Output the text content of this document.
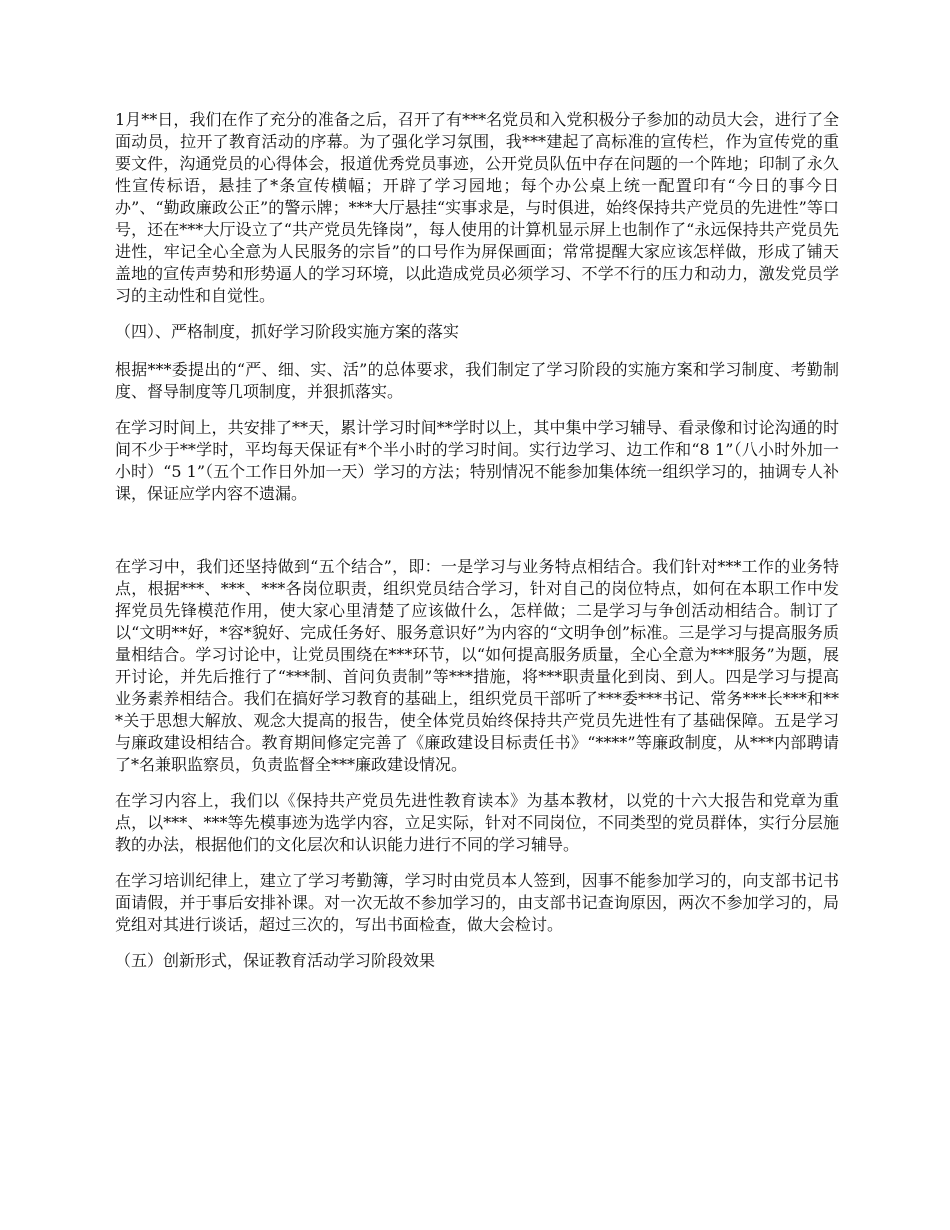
1月**日，我们在作了充分的准备之后，召开了有***名党员和入党积极分子参加的动员大会，进行了全面动员，拉开了教育活动的序幕。为了强化学习氛围，我***建起了高标准的宣传栏，作为宣传党的重要文件，沟通党员的心得体会，报道优秀党员事迹，公开党员队伍中存在问题的一个阵地；印制了永久性宣传标语，悬挂了*条宣传横幅；开辟了学习园地；每个办公桌上统一配置印有“今日的事今日办”、“勤政廉政公正”的警示牌；***大厅悬挂“实事求是，与时俱进，始终保持共产党员的先进性”等口号，还在***大厅设立了“共产党员先锋岗”，每人使用的计算机显示屏上也制作了“永远保持共产党员先进性，牢记全心全意为人民服务的宗旨”的口号作为屏保画面；常常提醒大家应该怎样做，形成了铺天盖地的宣传声势和形势逼人的学习环境，以此造成党员必须学习、不学不行的压力和动力，激发党员学习的主动性和自觉性。

（四）、严格制度，抓好学习阶段实施方案的落实

根据***委提出的“严、细、实、活”的总体要求，我们制定了学习阶段的实施方案和学习制度、考勤制度、督导制度等几项制度，并狠抓落实。

在学习时间上，共安排了**天，累计学习时间**学时以上，其中集中学习辅导、看录像和讨论沟通的时间不少于**学时，平均每天保证有*个半小时的学习时间。实行边学习、边工作和“8 1”（八小时外加一小时）“5 1”（五个工作日外加一天）学习的方法；特别情况不能参加集体统一组织学习的，抽调专人补课，保证应学内容不遗漏。

在学习中，我们还坚持做到“五个结合”，即：一是学习与业务特点相结合。我们针对***工作的业务特点，根据***、***、***各岗位职责，组织党员结合学习，针对自己的岗位特点，如何在本职工作中发挥党员先锋模范作用，使大家心里清楚了应该做什么，怎样做；二是学习与争创活动相结合。制订了以“文明**好，*容*貌好、完成任务好、服务意识好”为内容的“文明争创”标准。三是学习与提高服务质量相结合。学习讨论中，让党员围绕在***环节，以“如何提高服务质量，全心全意为***服务”为题，展开讨论，并先后推行了“***制、首问负责制”等***措施，将***职责量化到岗、到人。四是学习与提高业务素养相结合。我们在搞好学习教育的基础上，组织党员干部听了***委***书记、常务***长***和***关于思想大解放、观念大提高的报告，使全体党员始终保持共产党员先进性有了基础保障。五是学习与廉政建设相结合。教育期间修定完善了《廉政建设目标责任书》“****”等廉政制度，从***内部聘请了*名兼职监察员，负责监督全***廉政建设情况。

在学习内容上，我们以《保持共产党员先进性教育读本》为基本教材，以党的十六大报告和党章为重点，以***、***等先模事迹为选学内容，立足实际，针对不同岗位，不同类型的党员群体，实行分层施教的办法，根据他们的文化层次和认识能力进行不同的学习辅导。

在学习培训纪律上，建立了学习考勤簿，学习时由党员本人签到，因事不能参加学习的，向支部书记书面请假，并于事后安排补课。对一次无故不参加学习的，由支部书记查询原因，两次不参加学习的，局党组对其进行谈话，超过三次的，写出书面检查，做大会检讨。

（五）创新形式，保证教育活动学习阶段效果
